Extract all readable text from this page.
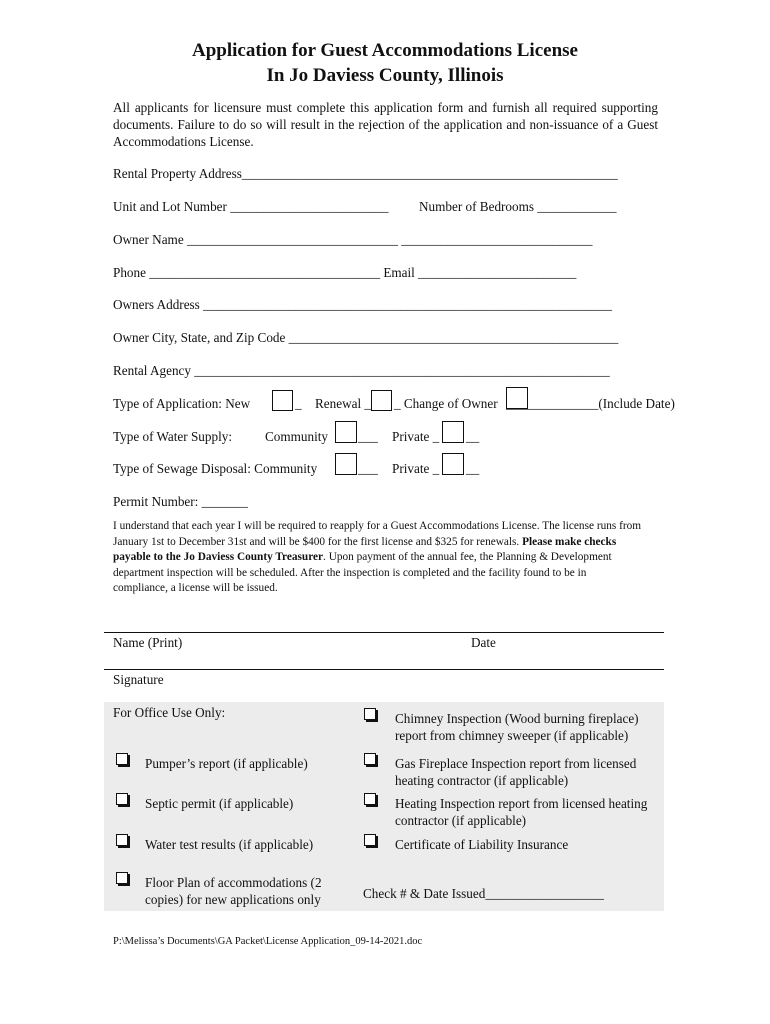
Application for Guest Accommodations License
In Jo Daviess County, Illinois
All applicants for licensure must complete this application form and furnish all required supporting documents. Failure to do so will result in the rejection of the application and non-issuance of a Guest Accommodations License.
Rental Property Address_________________________________________________________
Unit and Lot Number ________________________ Number of Bedrooms ____________
Owner Name ________________________________ _____________________________
Phone ___________________________________ Email ________________________
Owners Address ______________________________________________________________
Owner City, State, and Zip Code __________________________________________________
Rental Agency _______________________________________________________________
Type of Application: New	_ Renewal _ _ Change of Owner ______________(Include Date)
Type of Water Supply: Community ___ Private _ __
Type of Sewage Disposal: Community	___ Private _ __
Permit Number: _______
I understand that each year I will be required to reapply for a Guest Accommodations License. The license runs from January 1st to December 31st and will be $400 for the first license and $325 for renewals. Please make checks payable to the Jo Daviess County Treasurer. Upon payment of the annual fee, the Planning & Development department inspection will be scheduled. After the inspection is completed and the facility found to be in compliance, a license will be issued.
Name (Print)	Date
Signature
For Office Use Only:	Chimney Inspection (Wood burning fireplace) report from chimney sweeper (if applicable)
Pumper’s report (if applicable)	Gas Fireplace Inspection report from licensed heating contractor (if applicable)
Septic permit (if applicable)	Heating Inspection report from licensed heating contractor (if applicable)
Water test results (if applicable)	Certificate of Liability Insurance
Floor Plan of accommodations (2 copies) for new applications only	Check # & Date Issued__________________
P:\Melissa’s Documents\GA Packet\License Application_09-14-2021.doc
